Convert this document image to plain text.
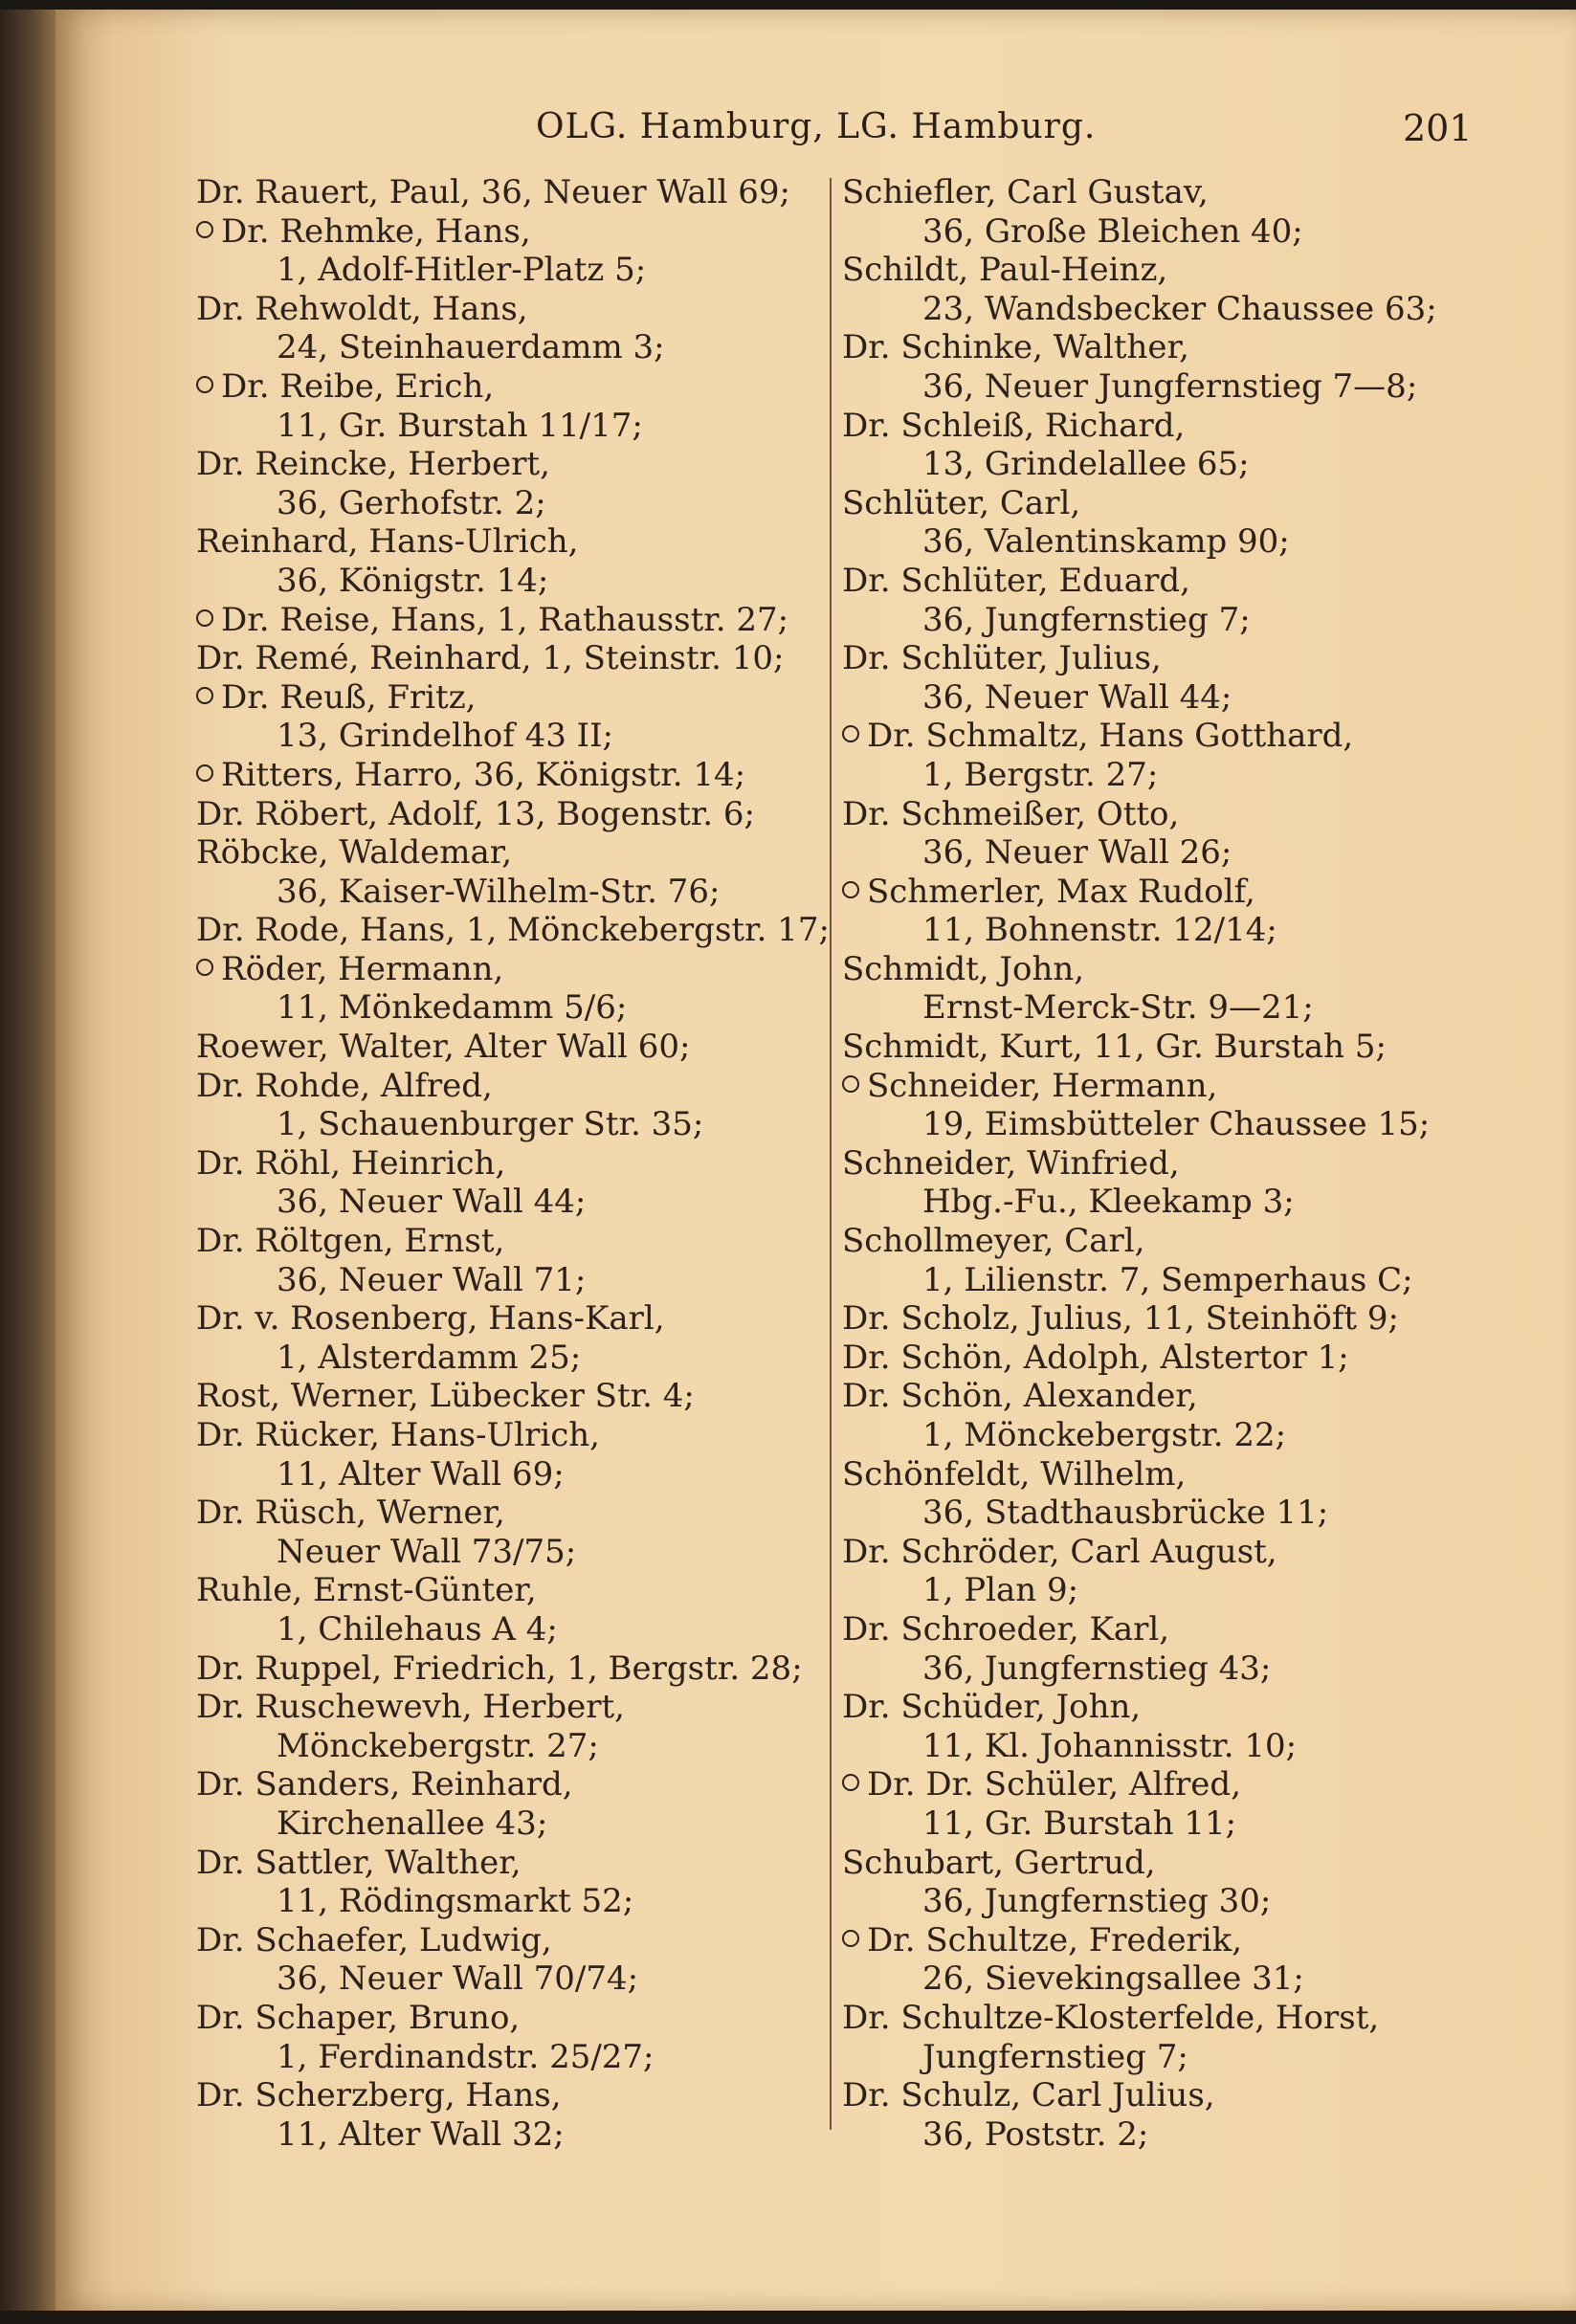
OLG. Hamburg, LG. Hamburg.	201
Dr. Rauert, Paul, 36, Neuer Wall 69;
Dr. Rehmke, Hans,
1, Adolf-Hitler-Platz 5;
Dr. Rehwoldt, Hans,
24, Steinhauerdamm 3;
Dr. Reibe, Erich,
11, Gr. Burstah 11/17;
Dr. Reincke, Herbert,
36, Gerhofstr. 2;
Reinhard, Hans-Ulrich,
36, Königstr. 14;
Dr. Reise, Hans, 1, Rathausstr. 27;
Dr. Remé, Reinhard, 1, Steinstr. 10;
Dr. Reuß, Fritz,
13, Grindelhof 43 II;
Ritters, Harro, 36, Königstr. 14;
Dr. Röbert, Adolf, 13, Bogenstr. 6;
Röbcke, Waldemar,
36, Kaiser-Wilhelm-Str. 76;
Dr. Rode, Hans, 1, Mönckebergstr. 17;
Röder, Hermann,
11, Mönkedamm 5/6;
Roewer, Walter, Alter Wall 60;
Dr. Rohde, Alfred,
1, Schauenburger Str. 35;
Dr. Röhl, Heinrich,
36, Neuer Wall 44;
Dr. Röltgen, Ernst,
36, Neuer Wall 71;
Dr. v. Rosenberg, Hans-Karl,
1, Alsterdamm 25;
Rost, Werner, Lübecker Str. 4;
Dr. Rücker, Hans-Ulrich,
11, Alter Wall 69;
Dr. Rüsch, Werner,
Neuer Wall 73/75;
Ruhle, Ernst-Günter,
1, Chilehaus A 4;
Dr. Ruppel, Friedrich, 1, Bergstr. 28;
Dr. Ruschewevh, Herbert,
Mönckebergstr. 27;
Dr. Sanders, Reinhard,
Kirchenallee 43;
Dr. Sattler, Walther,
11, Rödingsmarkt 52;
Dr. Schaefer, Ludwig,
36, Neuer Wall 70/74;
Dr. Schaper, Bruno,
1, Ferdinandstr. 25/27;
Dr. Scherzberg, Hans,
11, Alter Wall 32;
Schiefler, Carl Gustav,
36, Große Bleichen 40;
Schildt, Paul-Heinz,
23, Wandsbecker Chaussee 63;
Dr. Schinke, Walther,
36, Neuer Jungfernstieg 7—8;
Dr. Schleiß, Richard,
13, Grindelallee 65;
Schlüter, Carl,
36, Valentinskamp 90;
Dr. Schlüter, Eduard,
36, Jungfernstieg 7;
Dr. Schlüter, Julius,
36, Neuer Wall 44;
Dr. Schmaltz, Hans Gotthard,
1, Bergstr. 27;
Dr. Schmeißer, Otto,
36, Neuer Wall 26;
Schmerler, Max Rudolf,
11, Bohnenstr. 12/14;
Schmidt, John,
Ernst-Merck-Str. 9—21;
Schmidt, Kurt, 11, Gr. Burstah 5;
Schneider, Hermann,
19, Eimsbütteler Chaussee 15;
Schneider, Winfried,
Hbg.-Fu., Kleekamp 3;
Schollmeyer, Carl,
1, Lilienstr. 7, Semperhaus C;
Dr. Scholz, Julius, 11, Steinhöft 9;
Dr. Schön, Adolph, Alstertor 1;
Dr. Schön, Alexander,
1, Mönckebergstr. 22;
Schönfeldt, Wilhelm,
36, Stadthausbrücke 11;
Dr. Schröder, Carl August,
1, Plan 9;
Dr. Schroeder, Karl,
36, Jungfernstieg 43;
Dr. Schüder, John,
11, Kl. Johannisstr. 10;
Dr. Dr. Schüler, Alfred,
11, Gr. Burstah 11;
Schubart, Gertrud,
36, Jungfernstieg 30;
Dr. Schultze, Frederik,
26, Sievekingsallee 31;
Dr. Schultze-Klosterfelde, Horst,
Jungfernstieg 7;
Dr. Schulz, Carl Julius,
36, Poststr. 2;
